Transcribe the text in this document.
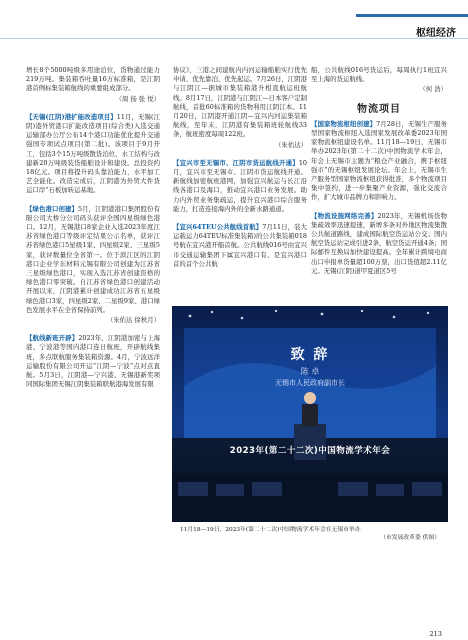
枢纽经济

增长8个5000吨级多用途泊位，货物通过能力219万吨。集装箱吞吐量16万标准箱，是江阴港首例标集装箱航线的重要组成部分。

（周 扬 张 悦）

【无锡(江阴)港扩能改造项目】11月，无锡(江阴)港外贸港口扩能改造项目(综合类)入选交通运输部办公厅公布14个港口功能优化提升交通强国专项试点项目(第二批)。该项目于9月开工，包括3个15万吨级散货泊位、水工结构与改建新20万吨级装货船舶设计和建设。总投资约18亿元。项目将提升码头靠泊能力，水平加工艺全能化。改造完成后，江阴港为外贸大件货运口岸“石板加转运基地。

【绿色港口创建】5月，江阴港港口集团股份有限公司大桥分公司码头获评全国四星级绿色港口。12月，无锡港口8家企业入选2023年度江苏省绿色港口等级评定结果公示名单，获评江苏省绿色港口5星级1家、四星级2家、三星级5家，获评数量位全省第一。位于滨江区的江阴港口企业学东材料元锡有限公司创建为江苏省三星级绿色港口，实现入选江苏省创建资格的绿色港口零突破。自江苏省绿色港口创建活动开展以来，江阴港累计创建成功江苏省五星级绿色港口3家，四星级2家、二星级9家、港口绿色发展水平在全省保持前列。

（朱佑达 徐秋月）

【航线新班开辟】2023年，江阴港加密与上海港、宁波港等国内港口连日航班，开辟航线集班，多点联航服务集装箱资源。4月，宁波远洋运输股份有限公司开运“江阴—宁波”点对点直航。5月3日，江阴港—宁兴港、无锡港新奖项同国际集团无锡江阴集装箱联航港海发展有限

协议》，三港之间建航内内河运输船舶实行优先申请、优先靠泊、优先起运。7月26日，江阴港与江阴江—据城市集装箱港升相直航运班航线。8月17日，江阴港与江阴江—日本客户定制航线，首批60标准箱的货物利用江阴江本。11月20日，江阴港开通江阴—宜兴内河运集装箱航线，至年末，江阴港有集装箱班轮航线33条，航班密度每周122班。

（朱佑达）

【宜兴市至无锡市、江阴市货运航线开通】10月，宜兴市至无锡市、江阴市货运航线开通。新航线加密航班港网，加强宜兴航运与长江沿线各港口及海口，推动宜兴港口业务发展。助力内外贸业务集疏运，提升宜兴港口综合服务能力，打造连接海内外的全新水路通道。

【宜兴64TEU公共航线首航】7月11日，装大运载运力64TEU标准集装箱)的公共集装箱018号航在宜兴港开船首航。公共航线016号由宜兴市交通运输集团下属宜兴港口有、是宜兴港口首的首个公共航

船，公共航线016号货运后，每周执行1班宜兴至上海的货运航线。

（何 浩）

物流项目

【国家物流枢纽创建】7月28日，无锡生产服务型国家物流枢纽入选国家发展改革委2023年国家物流枢纽建设名单。11月18—19日，无锡市举办2023年(第二十二次)中国物流学术年会，年会上无锡市主题为“粮仓产业融合，携手枢纽强市”的无锡枢纽发展论坛。年会上，无锡市生产服务型国家物流枢纽获得批准，多个物流项目集中签约，进一步集聚产业资源，强化交流合作，扩大城市品牌力和影响力。

【物流设施网络完善】2023年，无锡机场货物集疏效率迅速提速，新增多条对外地区物流集散公共航道路线，建成国际航空货运站公交；国内航空货运站完成引进2条，航空货运开通4条；国际邮件互换局加快建设提高。全年累计跨境电商出口申报单货量超100万票，出口货值超2.11亿元。无锡(江阴)道甲夏道区5号

2023年(第二十二次)中国物流学术年会
致 辞
陈 卓
无锡市人民政府副市长
11月18—19日，2023年(第二十二次)中国物流学术年会在无锡市举办
（市发展改革委 供图）
213
